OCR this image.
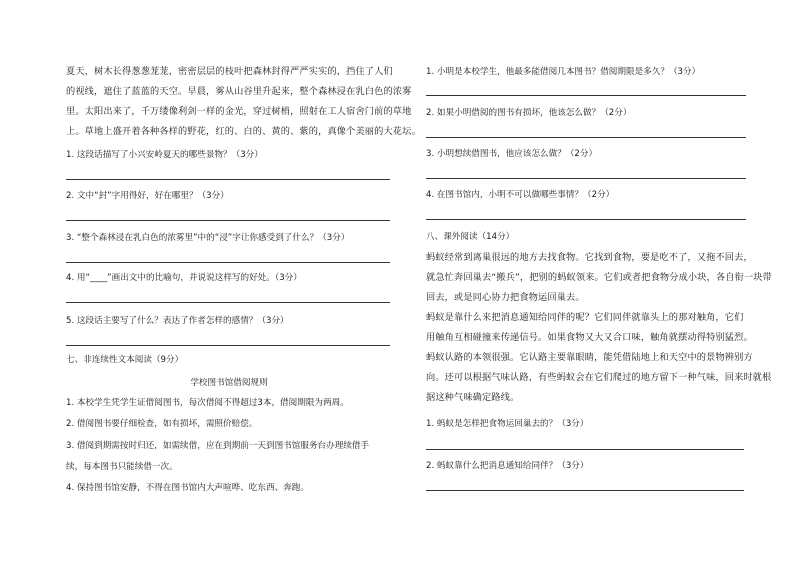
夏天，树木长得葱葱茏茏，密密层层的枝叶把森林封得严严实实的，挡住了人们
的视线，遮住了蓝蓝的天空。早晨，雾从山谷里升起来，整个森林浸在乳白色的浓雾
里。太阳出来了，千万缕像利剑一样的金光，穿过树梢，照射在工人宿舍门前的草地
上。草地上盛开着各种各样的野花，红的、白的、黄的、紫的，真像个美丽的大花坛。
1. 这段话描写了小兴安岭夏天的哪些景物？（3分）
2. 文中“封”字用得好，好在哪里？（3分）
3. “整个森林浸在乳白色的浓雾里”中的“浸”字让你感受到了什么？（3分）
4. 用“____”画出文中的比喻句，并说说这样写的好处。（3分）
5. 这段话主要写了什么？表达了作者怎样的感情？（3分）
七、非连续性文本阅读（9分）
学校图书馆借阅规则
1. 本校学生凭学生证借阅图书，每次借阅不得超过3本，借阅期限为两周。
2. 借阅图书要仔细检查，如有损坏，需照价赔偿。
3. 借阅到期需按时归还，如需续借，应在到期前一天到图书馆服务台办理续借手
续，每本图书只能续借一次。
4. 保持图书馆安静，不得在图书馆内大声喧哗、吃东西、奔跑。
1. 小明是本校学生，他最多能借阅几本图书？借阅期限是多久？（3分）
2. 如果小明借阅的图书有损坏，他该怎么做？（2分）
3. 小明想续借图书，他应该怎么做？（2分）
4. 在图书馆内，小明不可以做哪些事情？（2分）
八、课外阅读（14分）
蚂蚁经常到离巢很远的地方去找食物。它找到食物，要是吃不了，又拖不回去，
就急忙奔回巢去“搬兵”，把别的蚂蚁领来。它们或者把食物分成小块，各自衔一块带
回去，或是同心协力把食物运回巢去。
蚂蚁是靠什么来把消息通知给同伴的呢？它们同伴就靠头上的那对触角，它们
用触角互相碰撞来传递信号。如果食物又大又合口味，触角就摆动得特别猛烈。
蚂蚁认路的本领很强。它认路主要靠眼睛，能凭借陆地上和天空中的景物辨别方
向。还可以根据气味认路，有些蚂蚁会在它们爬过的地方留下一种气味，回来时就根
据这种气味确定路线。
1. 蚂蚁是怎样把食物运回巢去的？（3分）
2. 蚂蚁靠什么把消息通知给同伴？（3分）
